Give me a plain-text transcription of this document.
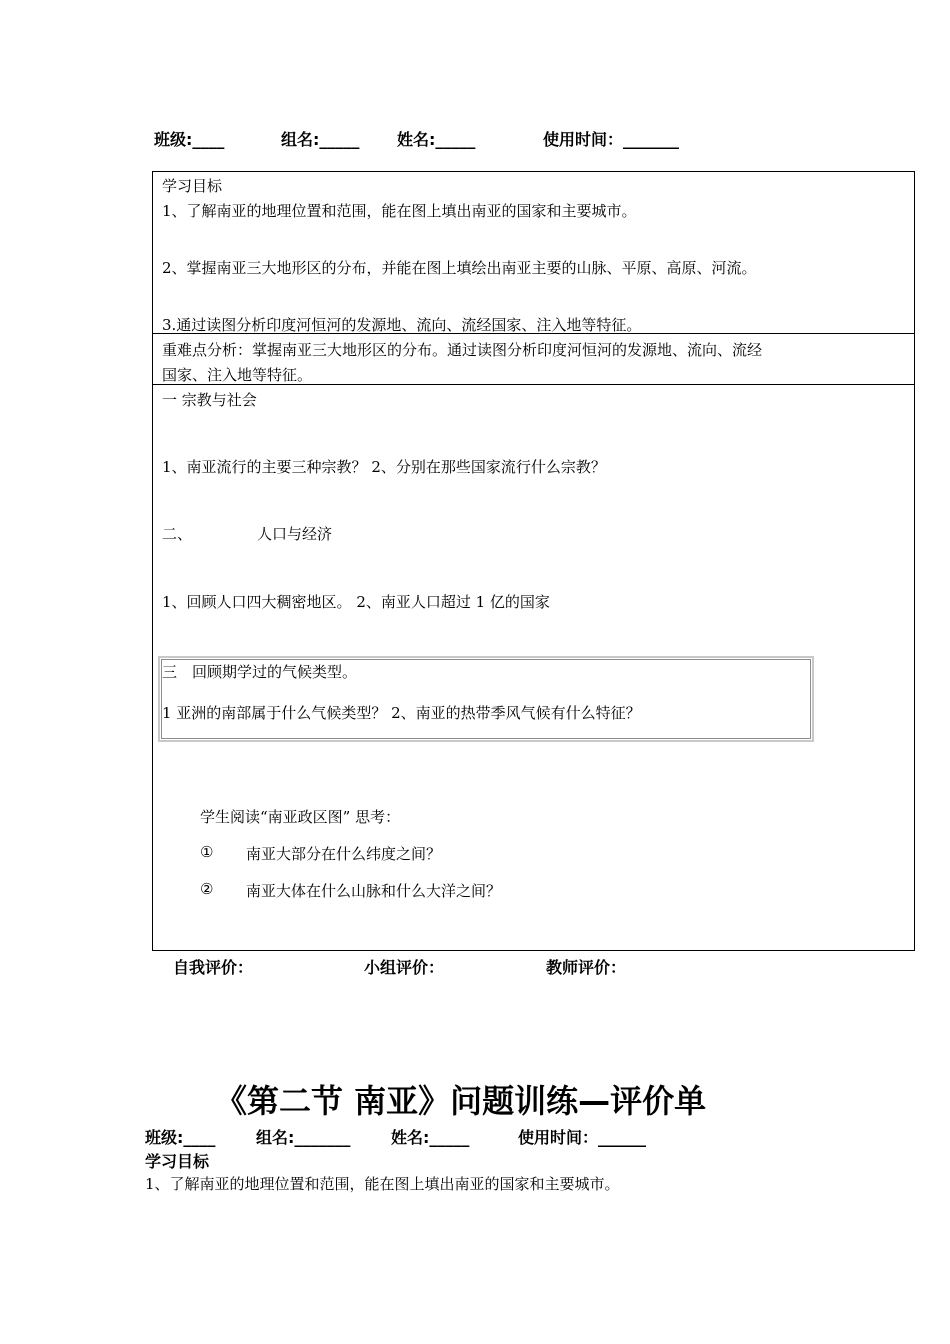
班级:____	组名:_____ 姓名:_____	使用时间：_______
学习目标
1、了解南亚的地理位置和范围，能在图上填出南亚的国家和主要城市。
2、掌握南亚三大地形区的分布，并能在图上填绘出南亚主要的山脉、平原、高原、河流。
3.通过读图分析印度河恒河的发源地、流向、流经国家、注入地等特征。
重难点分析：掌握南亚三大地形区的分布。通过读图分析印度河恒河的发源地、流向、流经
国家、注入地等特征。
一 宗教与社会
1、南亚流行的主要三种宗教？ 2、分别在那些国家流行什么宗教？
二、	人口与经济
1、回顾人口四大稠密地区。 2、南亚人口超过 1 亿的国家
三　回顾期学过的气候类型。
1 亚洲的南部属于什么气候类型？ 2、南亚的热带季风气候有什么特征？
学生阅读“南亚政区图” 思考：
① 南亚大部分在什么纬度之间？
② 南亚大体在什么山脉和什么大洋之间？
自我评价：	小组评价：	教师评价：
《第二节 南亚》问题训练—评价单
班级:____	组名:_______	姓名:_____	使用时间：______
学习目标
1、了解南亚的地理位置和范围，能在图上填出南亚的国家和主要城市。
